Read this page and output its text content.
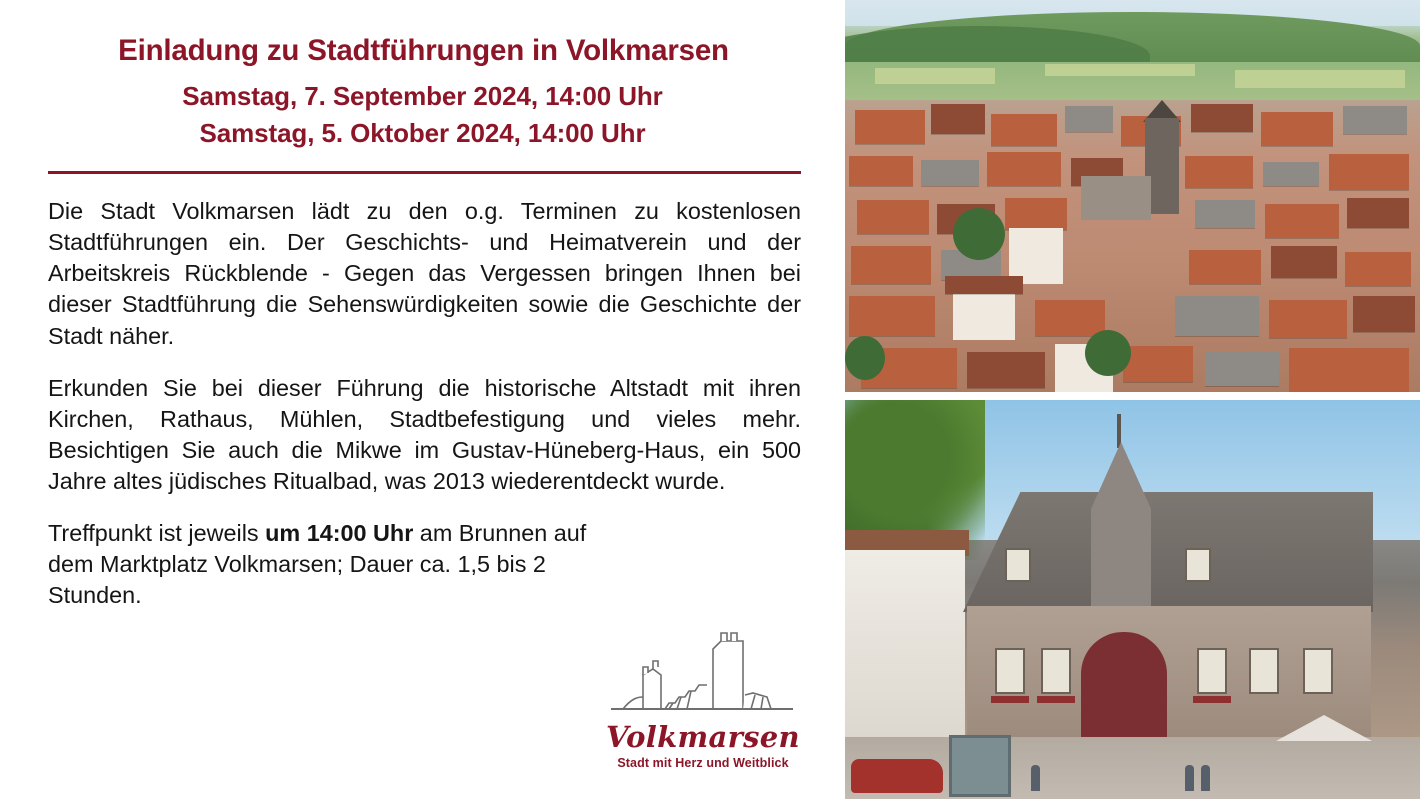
Einladung zu Stadtführungen in Volkmarsen
Samstag, 7. September 2024, 14:00 Uhr
Samstag, 5. Oktober 2024, 14:00 Uhr

Die Stadt Volkmarsen lädt zu den o.g. Terminen zu kostenlosen Stadtführungen ein. Der Geschichts- und Heimatverein und der Arbeitskreis Rückblende - Gegen das Vergessen bringen Ihnen bei dieser Stadtführung die Sehenswürdigkeiten sowie die Geschichte der Stadt näher.

Erkunden Sie bei dieser Führung die historische Altstadt mit ihren Kirchen, Rathaus, Mühlen, Stadtbefestigung und vieles mehr. Besichtigen Sie auch die Mikwe im Gustav-Hüneberg-Haus, ein 500 Jahre altes jüdisches Ritualbad, was 2013 wiederentdeckt wurde.

Treffpunkt ist jeweils um 14:00 Uhr am Brunnen auf dem Marktplatz Volkmarsen; Dauer ca. 1,5 bis 2 Stunden.

Volkmarsen
Stadt mit Herz und Weitblick
